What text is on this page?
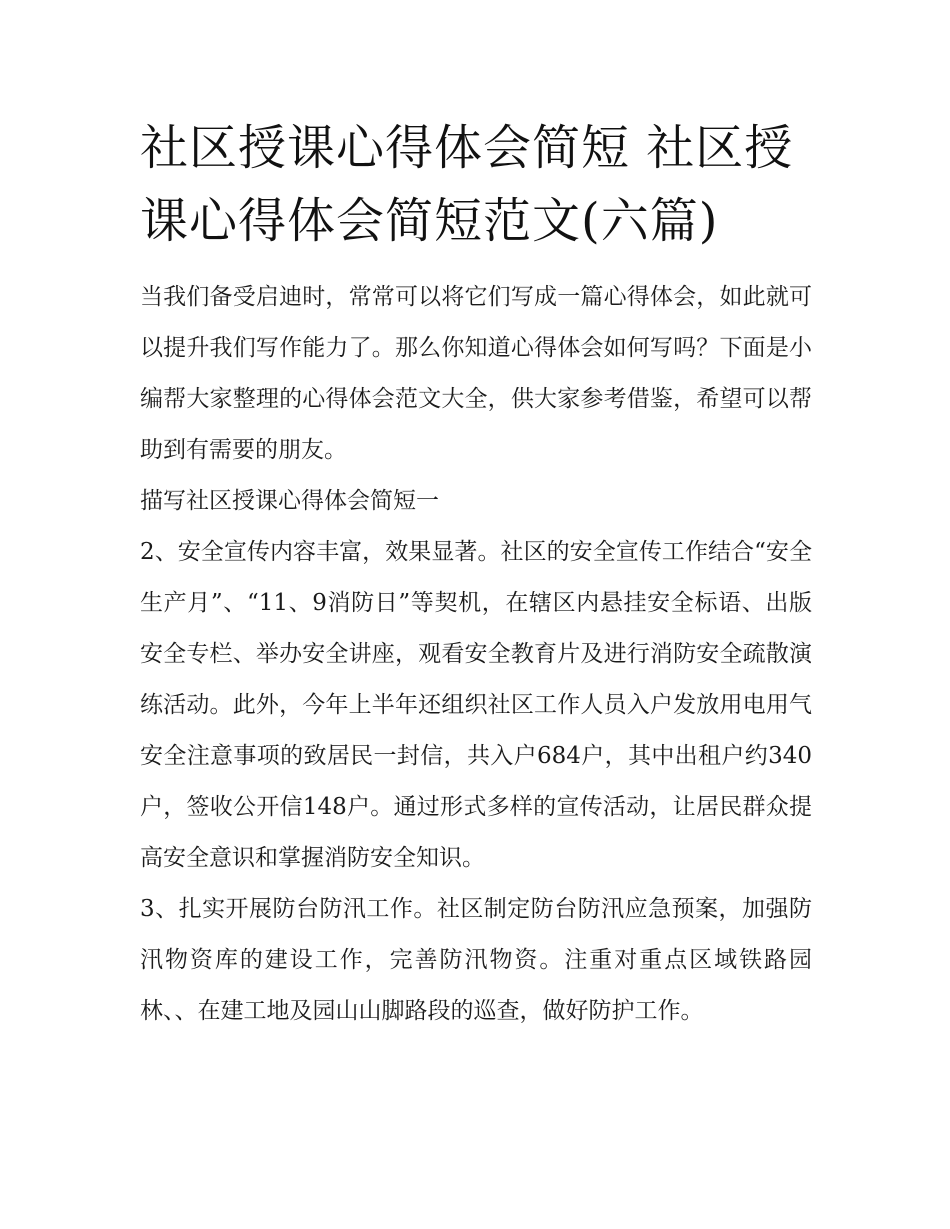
社区授课心得体会简短 社区授课心得体会简短范文(六篇)

当我们备受启迪时，常常可以将它们写成一篇心得体会，如此就可以提升我们写作能力了。那么你知道心得体会如何写吗？下面是小编帮大家整理的心得体会范文大全，供大家参考借鉴，希望可以帮助到有需要的朋友。

描写社区授课心得体会简短一

2、安全宣传内容丰富，效果显著。社区的安全宣传工作结合“安全生产月”、“11、9消防日”等契机，在辖区内悬挂安全标语、出版安全专栏、举办安全讲座，观看安全教育片及进行消防安全疏散演练活动。此外，今年上半年还组织社区工作人员入户发放用电用气安全注意事项的致居民一封信，共入户684户，其中出租户约340户，签收公开信148户。通过形式多样的宣传活动，让居民群众提高安全意识和掌握消防安全知识。

3、扎实开展防台防汛工作。社区制定防台防汛应急预案，加强防汛物资库的建设工作，完善防汛物资。注重对重点区域铁路园林、、在建工地及园山山脚路段的巡查，做好防护工作。
